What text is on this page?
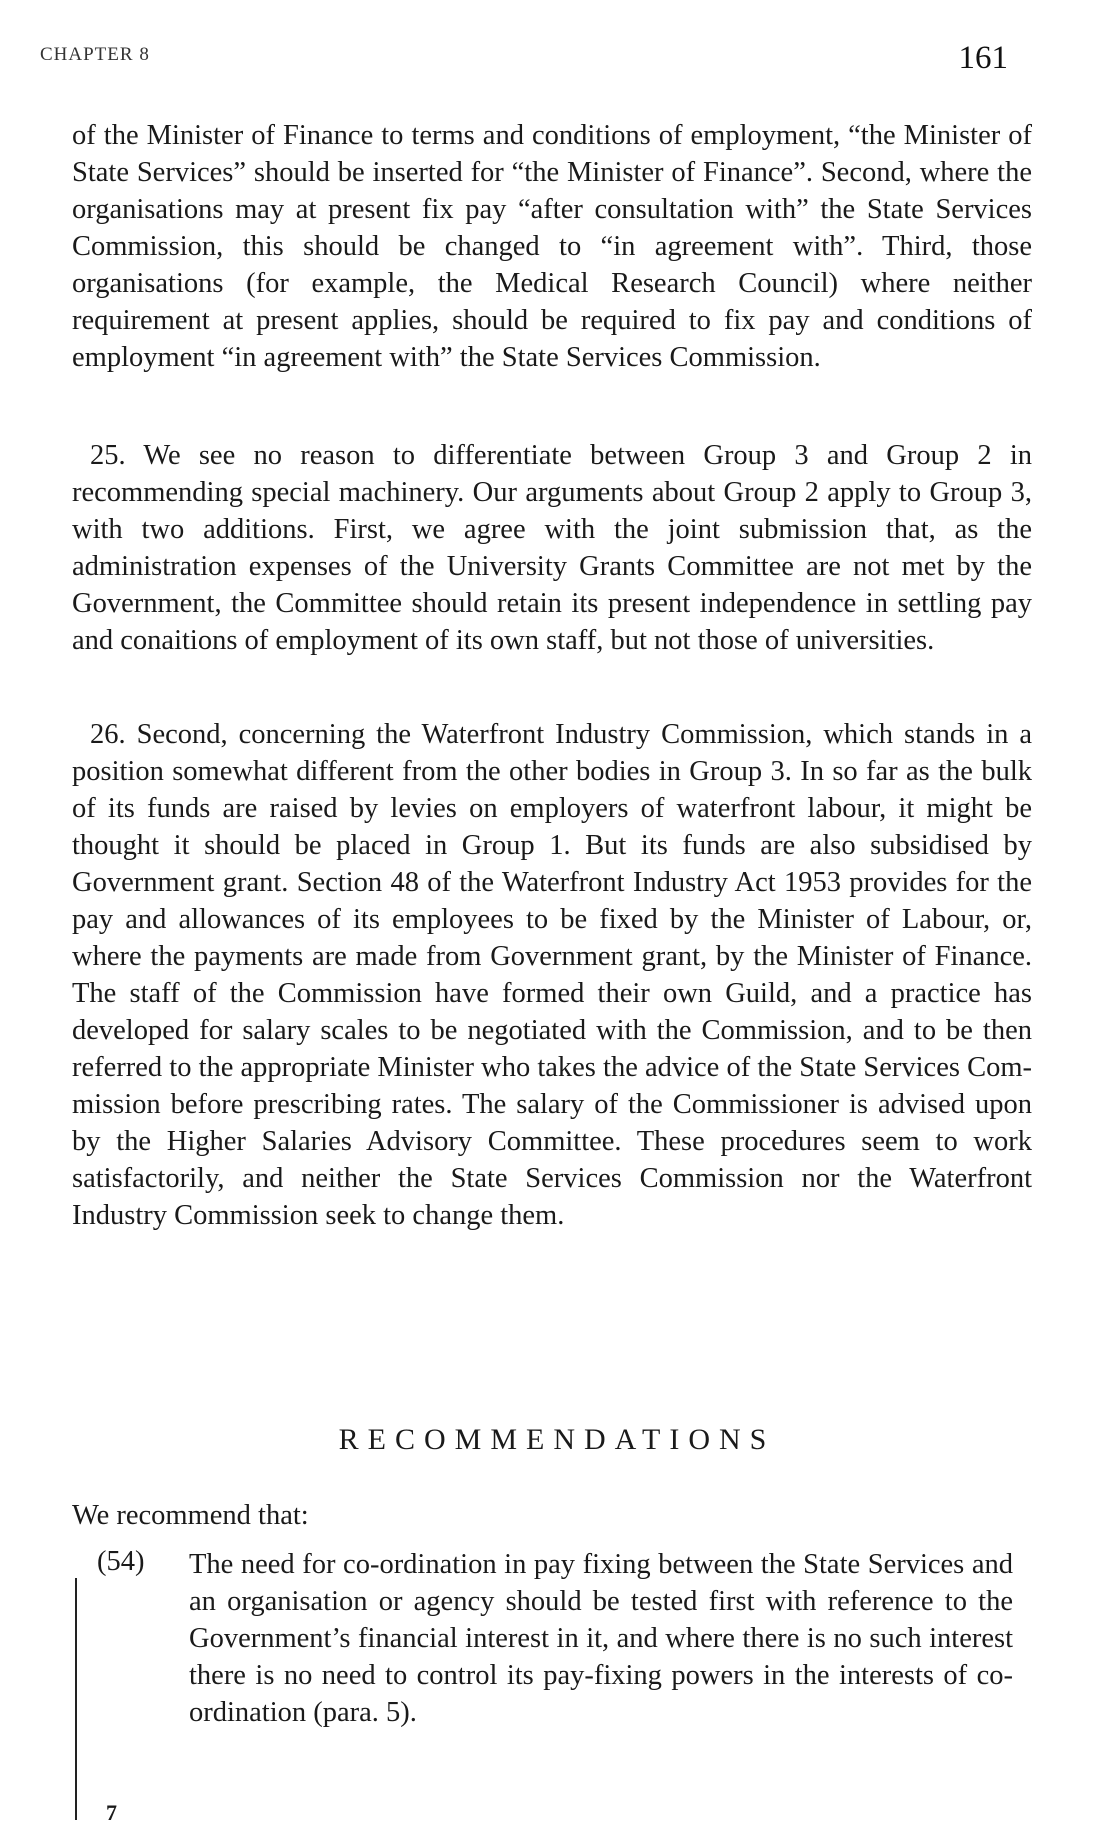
CHAPTER 8	161

of the Minister of Finance to terms and conditions of employment, “the Minister of State Services” should be inserted for “the Minister of Finance”. Second, where the organisations may at present fix pay “after consultation with” the State Services Commission, this should be changed to “in agreement with”. Third, those organisations (for example, the Medical Research Council) where neither requirement at present applies, should be required to fix pay and conditions of employment “in agreement with” the State Services Commission.

25. We see no reason to differentiate between Group 3 and Group 2 in recommending special machinery. Our arguments about Group 2 apply to Group 3, with two additions. First, we agree with the joint submission that, as the administration expenses of the University Grants Committee are not met by the Government, the Committee should retain its present independence in settling pay and conaitions of employment of its own staff, but not those of universities.

26. Second, concerning the Waterfront Industry Commission, which stands in a position somewhat different from the other bodies in Group 3. In so far as the bulk of its funds are raised by levies on employers of waterfront labour, it might be thought it should be placed in Group 1. But its funds are also subsidised by Government grant. Section 48 of the Waterfront Industry Act 1953 provides for the pay and allowances of its employees to be fixed by the Minister of Labour, or, where the payments are made from Government grant, by the Minister of Finance. The staff of the Commission have formed their own Guild, and a practice has developed for salary scales to be negotiated with the Commission, and to be then referred to the appropriate Minister who takes the advice of the State Services Com- mission before prescribing rates. The salary of the Commissioner is advised upon by the Higher Salaries Advisory Committee. These procedures seem to work satisfactorily, and neither the State Services Commission nor the Waterfront Industry Commission seek to change them.

RECOMMENDATIONS

We recommend that:

(54) The need for co-ordination in pay fixing between the State Services and an organisation or agency should be tested first with reference to the Government’s financial interest in it, and where there is no such interest there is no need to control its pay-fixing powers in the interests of co- ordination (para. 5).

7
